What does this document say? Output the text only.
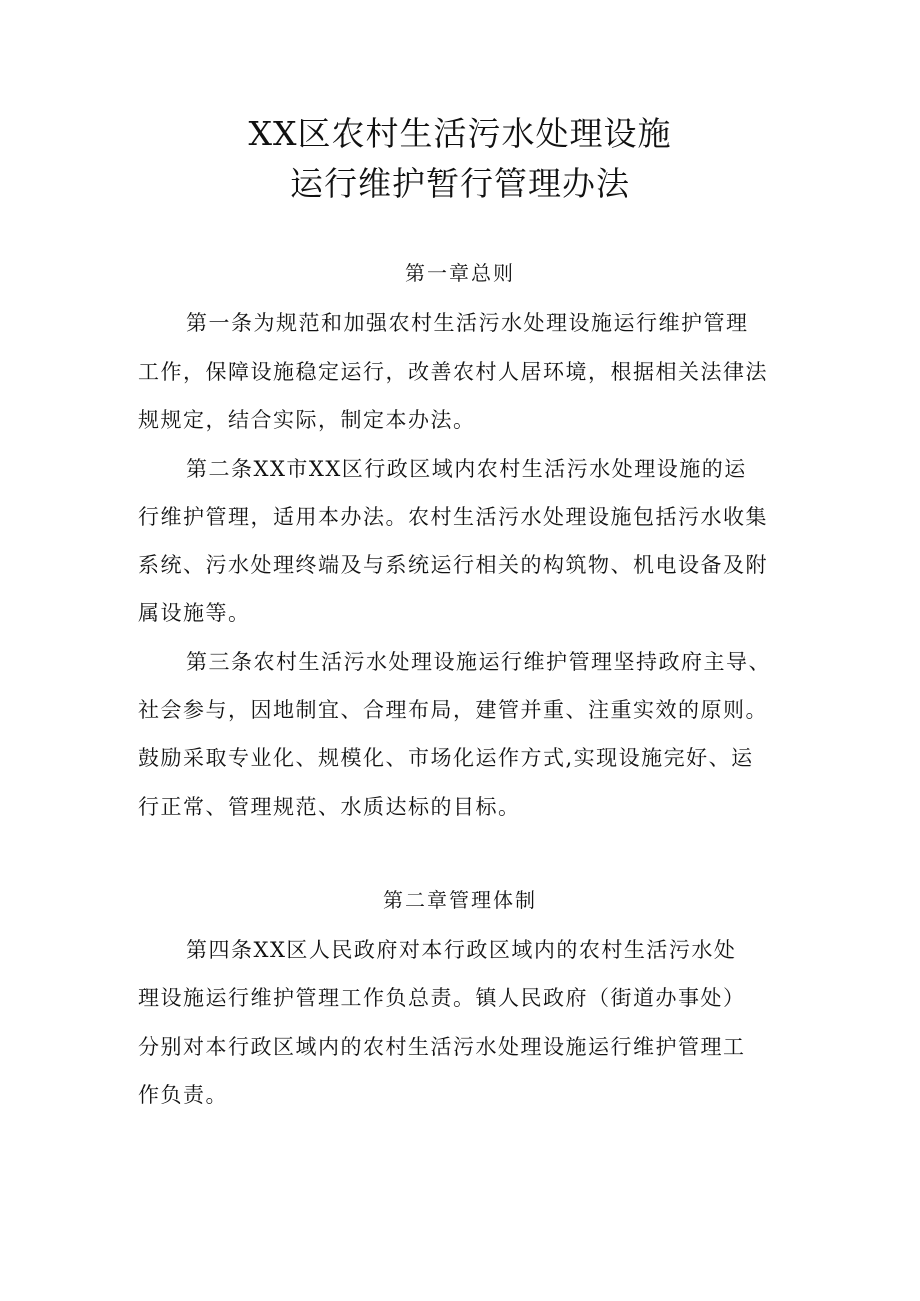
XX区农村生活污水处理设施
运行维护暂行管理办法
第一章总则
第一条为规范和加强农村生活污水处理设施运行维护管理
工作，保障设施稳定运行，改善农村人居环境，根据相关法律法
规规定，结合实际，制定本办法。
第二条XX市XX区行政区域内农村生活污水处理设施的运
行维护管理，适用本办法。农村生活污水处理设施包括污水收集
系统、污水处理终端及与系统运行相关的构筑物、机电设备及附
属设施等。
第三条农村生活污水处理设施运行维护管理坚持政府主导、
社会参与，因地制宜、合理布局，建管并重、注重实效的原则。
鼓励采取专业化、规模化、市场化运作方式,实现设施完好、运
行正常、管理规范、水质达标的目标。
第二章管理体制
第四条XX区人民政府对本行政区域内的农村生活污水处
理设施运行维护管理工作负总责。镇人民政府（街道办事处）
分别对本行政区域内的农村生活污水处理设施运行维护管理工
作负责。
